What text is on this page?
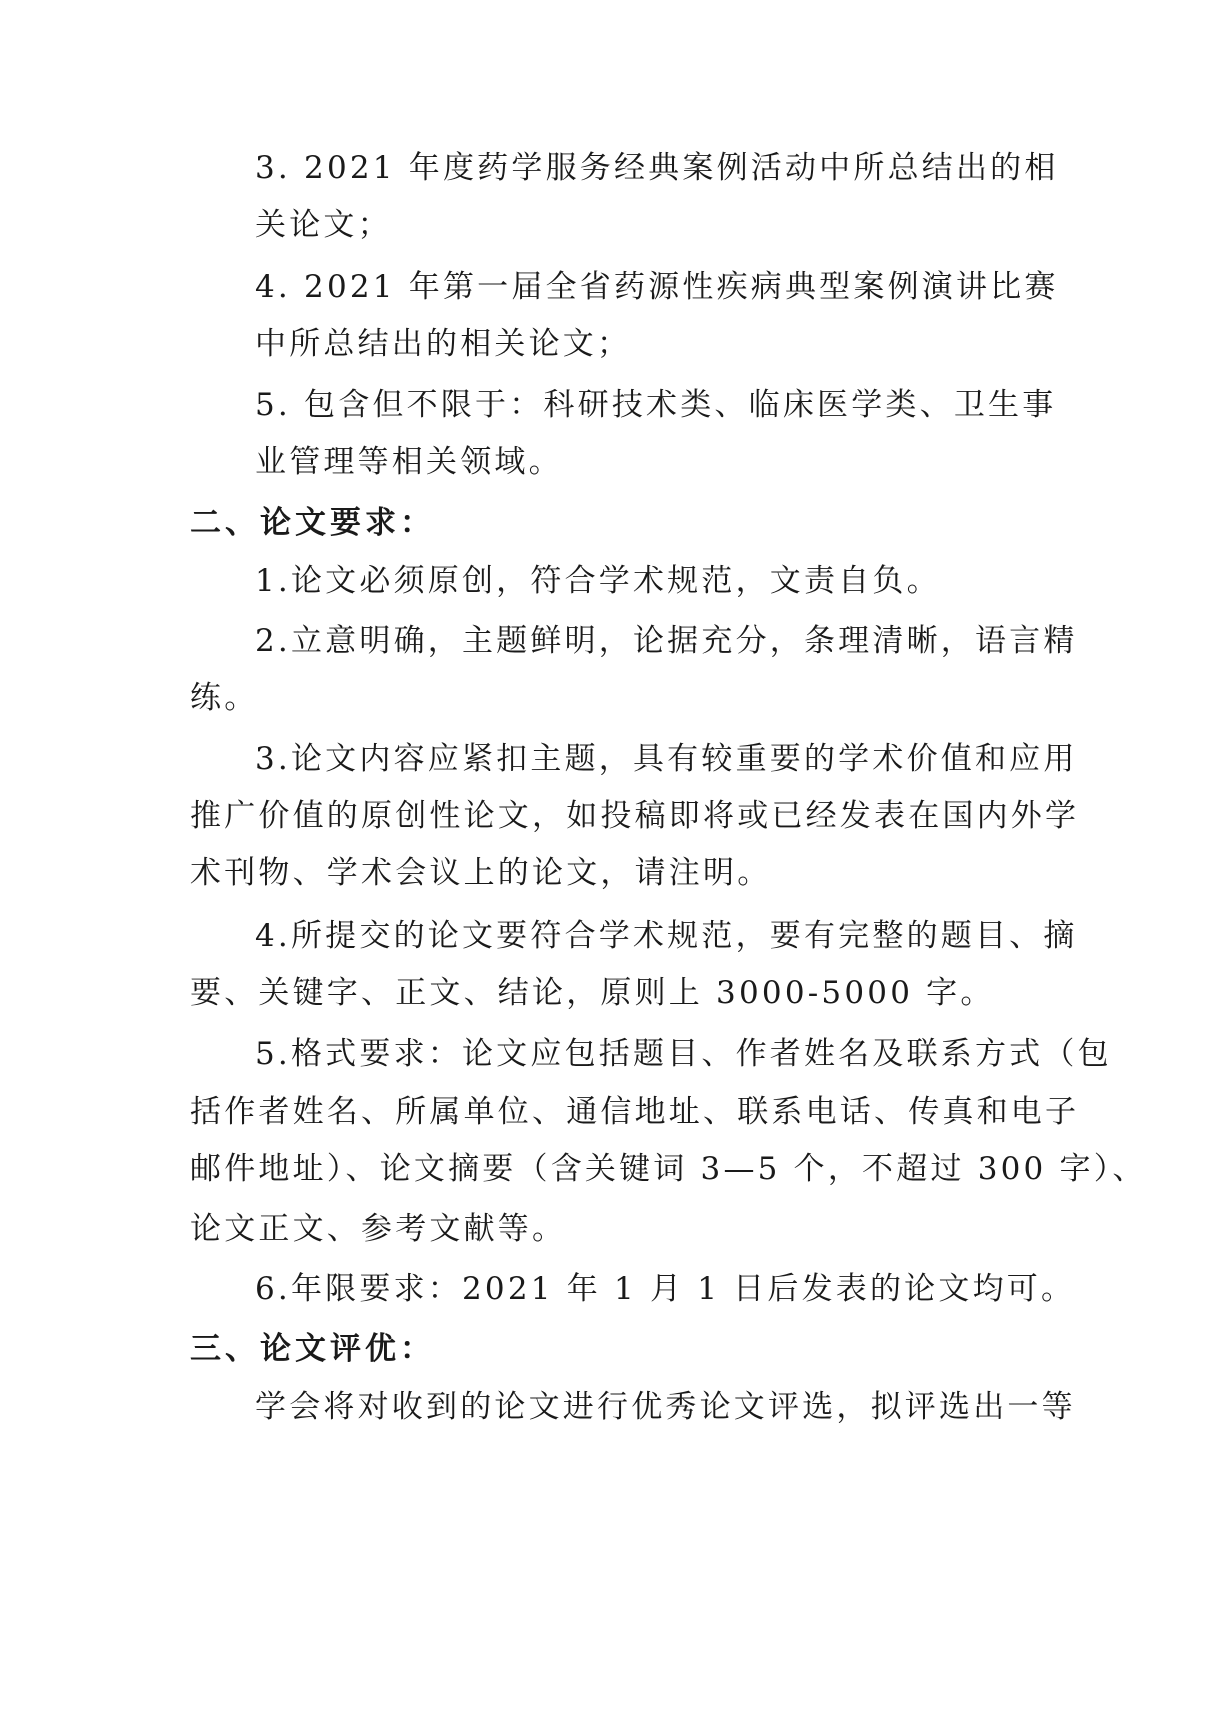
3. 2021 年度药学服务经典案例活动中所总结出的相
关论文；
4. 2021 年第一届全省药源性疾病典型案例演讲比赛
中所总结出的相关论文；
5. 包含但不限于：科研技术类、临床医学类、卫生事
业管理等相关领域。
二、论文要求：
1.论文必须原创，符合学术规范，文责自负。
2.立意明确，主题鲜明，论据充分，条理清晰，语言精
练。
3.论文内容应紧扣主题，具有较重要的学术价值和应用
推广价值的原创性论文，如投稿即将或已经发表在国内外学
术刊物、学术会议上的论文，请注明。
4.所提交的论文要符合学术规范，要有完整的题目、摘
要、关键字、正文、结论，原则上 3000-5000 字。
5.格式要求：论文应包括题目、作者姓名及联系方式（包
括作者姓名、所属单位、通信地址、联系电话、传真和电子
邮件地址）、论文摘要（含关键词 3—5 个，不超过 300 字）、
论文正文、参考文献等。
6.年限要求：2021 年 1 月 1 日后发表的论文均可。
三、论文评优：
学会将对收到的论文进行优秀论文评选，拟评选出一等
